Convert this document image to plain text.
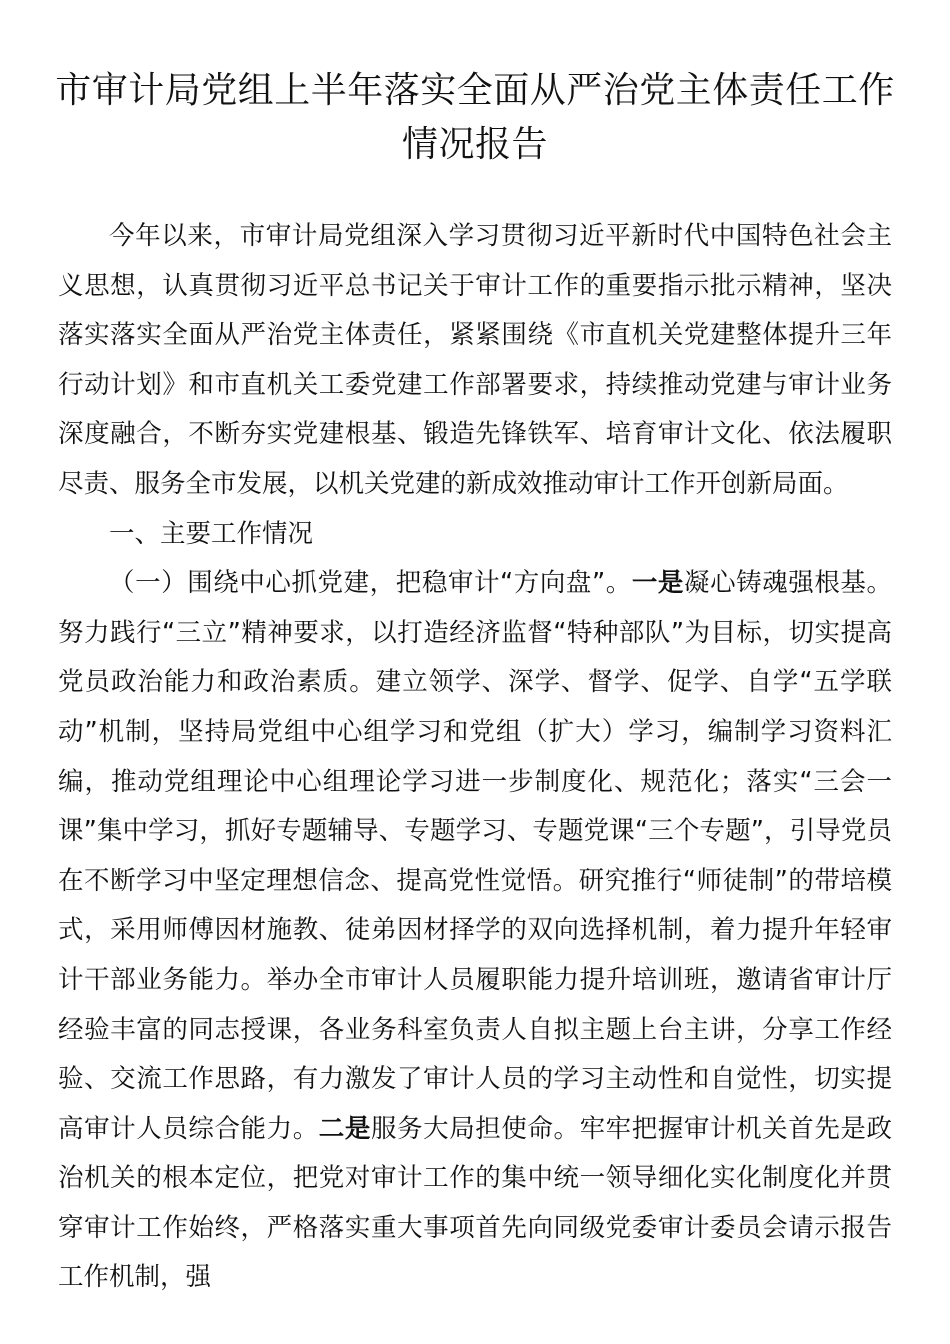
市审计局党组上半年落实全面从严治党主体责任工作
情况报告

今年以来，市审计局党组深入学习贯彻习近平新时代中国特色社会主义思想，认真贯彻习近平总书记关于审计工作的重要指示批示精神，坚决落实落实全面从严治党主体责任，紧紧围绕《市直机关党建整体提升三年行动计划》和市直机关工委党建工作部署要求，持续推动党建与审计业务深度融合，不断夯实党建根基、锻造先锋铁军、培育审计文化、依法履职尽责、服务全市发展，以机关党建的新成效推动审计工作开创新局面。

一、主要工作情况

（一）围绕中心抓党建，把稳审计“方向盘”。一是凝心铸魂强根基。努力践行“三立”精神要求，以打造经济监督“特种部队”为目标，切实提高党员政治能力和政治素质。建立领学、深学、督学、促学、自学“五学联动”机制，坚持局党组中心组学习和党组（扩大）学习，编制学习资料汇编，推动党组理论中心组理论学习进一步制度化、规范化；落实“三会一课”集中学习，抓好专题辅导、专题学习、专题党课“三个专题”，引导党员在不断学习中坚定理想信念、提高党性觉悟。研究推行“师徒制”的带培模式，采用师傅因材施教、徒弟因材择学的双向选择机制，着力提升年轻审计干部业务能力。举办全市审计人员履职能力提升培训班，邀请省审计厅经验丰富的同志授课，各业务科室负责人自拟主题上台主讲，分享工作经验、交流工作思路，有力激发了审计人员的学习主动性和自觉性，切实提高审计人员综合能力。二是服务大局担使命。牢牢把握审计机关首先是政治机关的根本定位，把党对审计工作的集中统一领导细化实化制度化并贯穿审计工作始终，严格落实重大事项首先向同级党委审计委员会请示报告工作机制，强
